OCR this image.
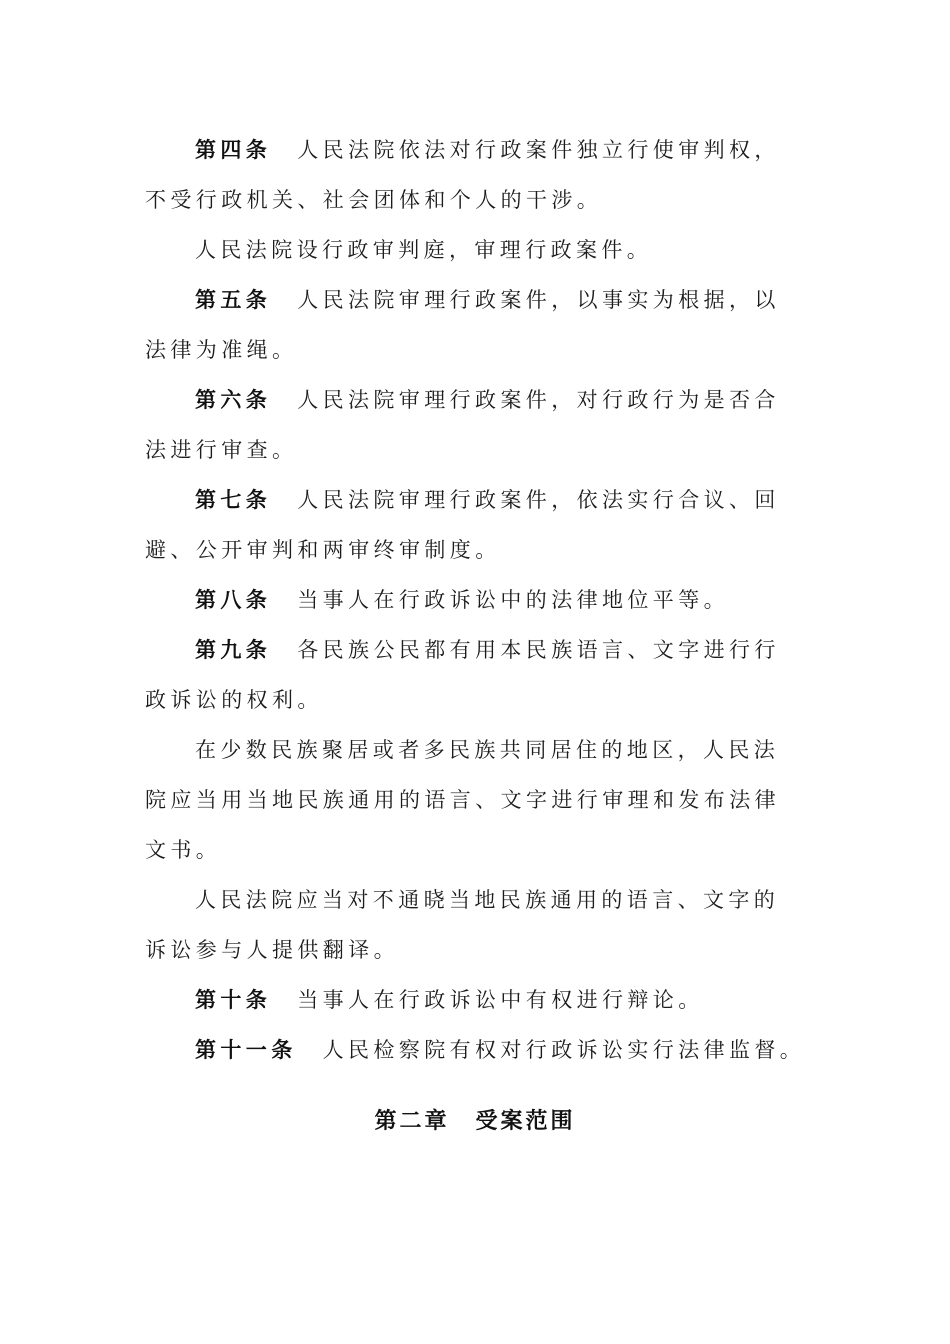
第四条 人民法院依法对行政案件独立行使审判权，
不受行政机关、社会团体和个人的干涉。
人民法院设行政审判庭，审理行政案件。
第五条 人民法院审理行政案件，以事实为根据，以
法律为准绳。
第六条 人民法院审理行政案件，对行政行为是否合
法进行审查。
第七条 人民法院审理行政案件，依法实行合议、回
避、公开审判和两审终审制度。
第八条 当事人在行政诉讼中的法律地位平等。
第九条 各民族公民都有用本民族语言、文字进行行
政诉讼的权利。
在少数民族聚居或者多民族共同居住的地区，人民法
院应当用当地民族通用的语言、文字进行审理和发布法律
文书。
人民法院应当对不通晓当地民族通用的语言、文字的
诉讼参与人提供翻译。
第十条 当事人在行政诉讼中有权进行辩论。
第十一条 人民检察院有权对行政诉讼实行法律监督。
第二章 受案范围
